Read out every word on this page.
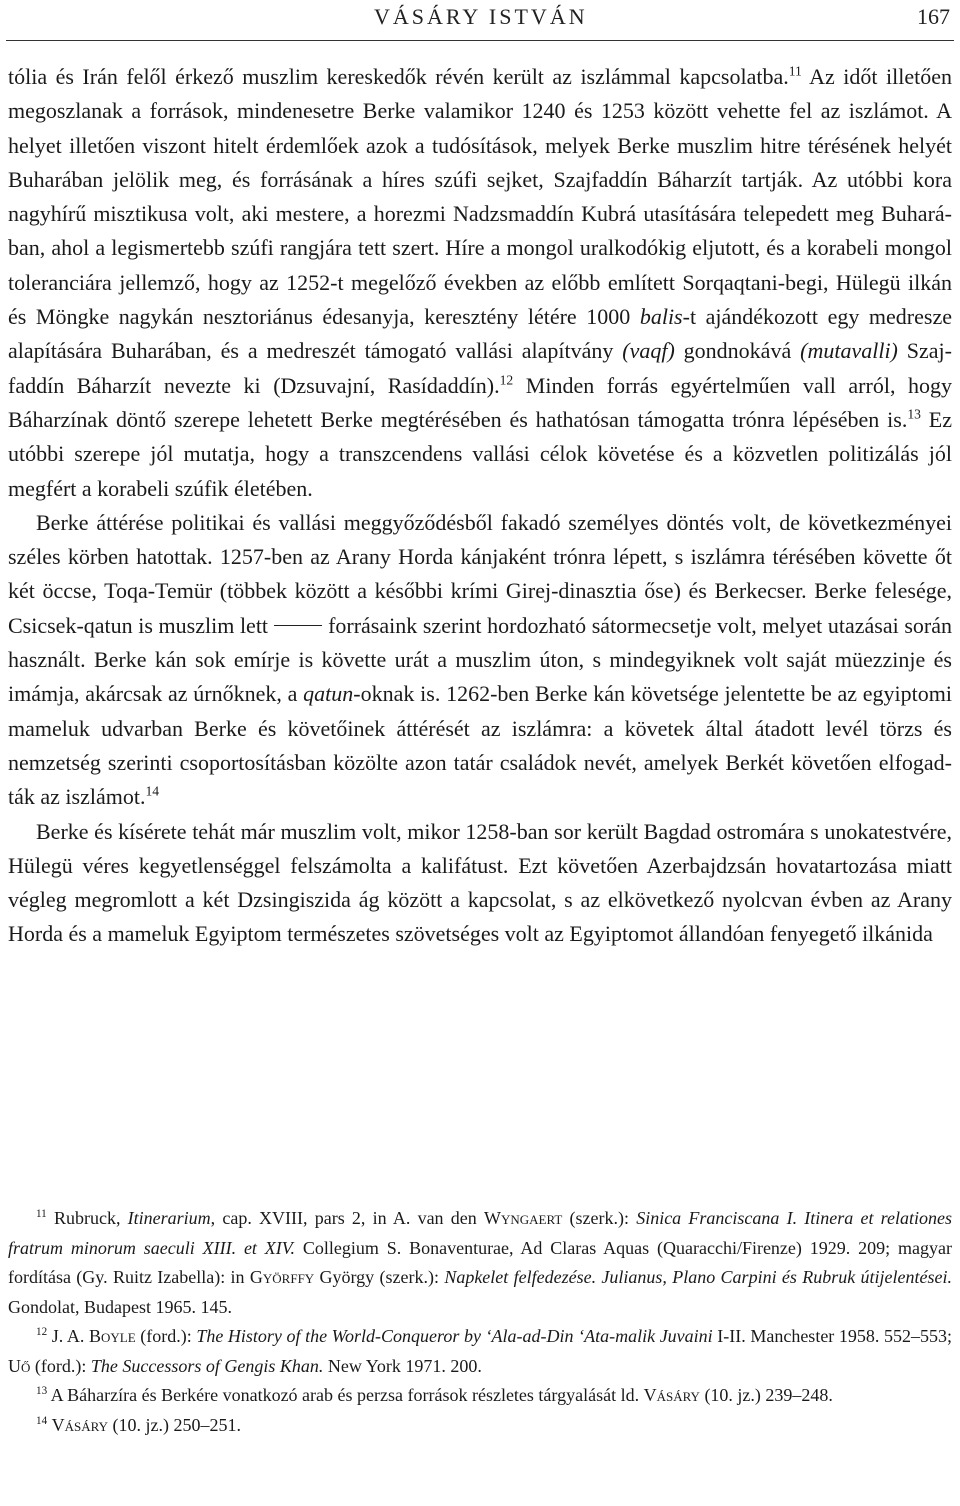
VÁSÁRY ISTVÁN	167

tólia és Irán felől érkező muszlim kereskedők révén került az iszlámmal kapcsolatba.$^{11}$ Az időt illetően megoszlanak a források, mindenesetre Berke valamikor 1240 és 1253 között vehette fel az iszlámot. A helyet illetően viszont hitelt érdemlőek azok a tudósítások, melyek Berke muszlim hitre térésének helyét Buharában jelölik meg, és forrásának a híres szúfi sejket, Szajfaddín Báharzít tartják. Az utóbbi kora nagyhírű misztikusa volt, aki mestere, a horezmi Nadzsmaddín Kubrá utasítására telepedett meg Buharában, ahol a legismertebb szúfi rangjára tett szert. Híre a mongol uralkodókig eljutott, és a korabeli mongol toleranciára jellemző, hogy az 1252-t megelőző években az előbb említett Sorqaqtani-begi, Hülegü ilkán és Möngke nagykán nesztoriánus édesanyja, keresztény létére 1000 balis-t ajándékozott egy medresze alapítására Buharában, és a medreszét támogató vallási alapítvány (vaqf) gondnokává (mutavalli) Szajfaddín Báharzít nevezte ki (Dzsuvajní, Rasídaddín).$^{12}$ Minden forrás egyértelműen vall arról, hogy Báharzínak döntő szerepe lehetett Berke megtérésében és hathatósan támogatta trónra lépésében is.$^{13}$ Ez utóbbi szerepe jól mutatja, hogy a transzcendens vallási célok követése és a közvetlen politizálás jól megfért a korabeli szúfik életében.

Berke áttérése politikai és vallási meggyőződésből fakadó személyes döntés volt, de következményei széles körben hatottak. 1257-ben az Arany Horda kánjaként trónra lépett, s iszlámra térésében követte őt két öccse, Toqa-Temür (többek között a későbbi krími Girej-dinasztia őse) és Berkecser. Berke felesége, Csicsek-qatun is muszlim lett	forrásaink szerint hordozható sátormecsetje volt, melyet utazásai során használt. Berke kán sok emírje is követte urát a muszlim úton, s mindegyiknek volt saját müezzinje és imámja, akárcsak az úrnőknek, a qatun-oknak is. 1262-ben Berke kán követsége jelentette be az egyiptomi mameluk udvarban Berke és követőinek áttérését az iszlámra: a követek által átadott levél törzs és nemzetség szerinti csoportosításban közölte azon tatár családok nevét, amelyek Berkét követően elfogadták az iszlámot.$^{14}$

Berke és kísérete tehát már muszlim volt, mikor 1258-ban sor került Bagdad ostromára s unokatestvére, Hülegü véres kegyetlenséggel felszámolta a kalifátust. Ezt követően Azerbajdzsán hovatartozása miatt végleg megromlott a két Dzsingiszida ág között a kapcsolat, s az elkövetkező nyolcvan évben az Arany Horda és a mameluk Egyiptom természetes szövetséges volt az Egyiptomot állandóan fenyegető ilkánida

$^{11}$ Rubruck, Itinerarium, cap. XVIII, pars 2, in A. van den Wyngaert (szerk.): Sinica Franciscana I. Itinera et relationes fratrum minorum saeculi XIII. et XIV. Collegium S. Bonaventurae, Ad Claras Aquas (Quaracchi/Firenze) 1929. 209; magyar fordítása (Gy. Ruitz Izabella): in Györffy György (szerk.): Napkelet felfedezése. Julianus, Plano Carpini és Rubruk útijelentései. Gondolat, Budapest 1965. 145.

$^{12}$ J. A. Boyle (ford.): The History of the World-Conqueror by ‘Ala-ad-Din ‘Ata-malik Juvaini I-II. Manchester 1958. 552–553; Uő (ford.): The Successors of Gengis Khan. New York 1971. 200.

$^{13}$ A Báharzíra és Berkére vonatkozó arab és perzsa források részletes tárgyalását ld. Vásáry (10. jz.) 239–248.

$^{14}$ Vásáry (10. jz.) 250–251.
